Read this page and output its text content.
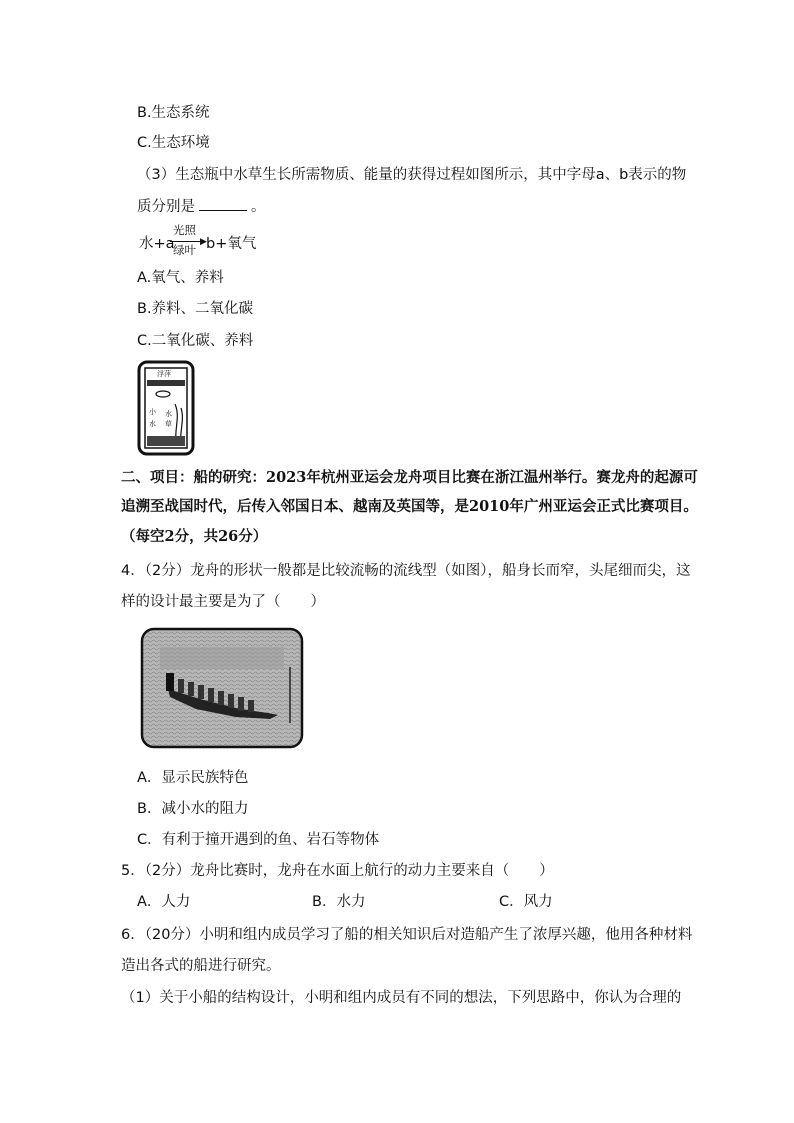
B.生态系统
C.生态环境
（3）生态瓶中水草生长所需物质、能量的获得过程如图所示，其中字母a、b表示的物
质分别是	。
水+a
光照
▶
绿叶 b+氧气
A.氧气、养料
B.养料、二氧化碳
C.二氧化碳、养料
小
水
水
草
浮萍
二、项目：船的研究：2023年杭州亚运会龙舟项目比赛在浙江温州举行。赛龙舟的起源可
追溯至战国时代，后传入邻国日本、越南及英国等，是2010年广州亚运会正式比赛项目。
（每空2分，共26分）
4．（2分）龙舟的形状一般都是比较流畅的流线型（如图），船身长而窄，头尾细而尖，这
样的设计最主要是为了（ ）
A．显示民族特色
B．减小水的阻力
C．有利于撞开遇到的鱼、岩石等物体
5．（2分）龙舟比赛时，龙舟在水面上航行的动力主要来自（ ）
A．人力	B．水力	C．风力
6．（20分）小明和组内成员学习了船的相关知识后对造船产生了浓厚兴趣，他用各种材料
造出各式的船进行研究。
（1）关于小船的结构设计，小明和组内成员有不同的想法，下列思路中，你认为合理的
